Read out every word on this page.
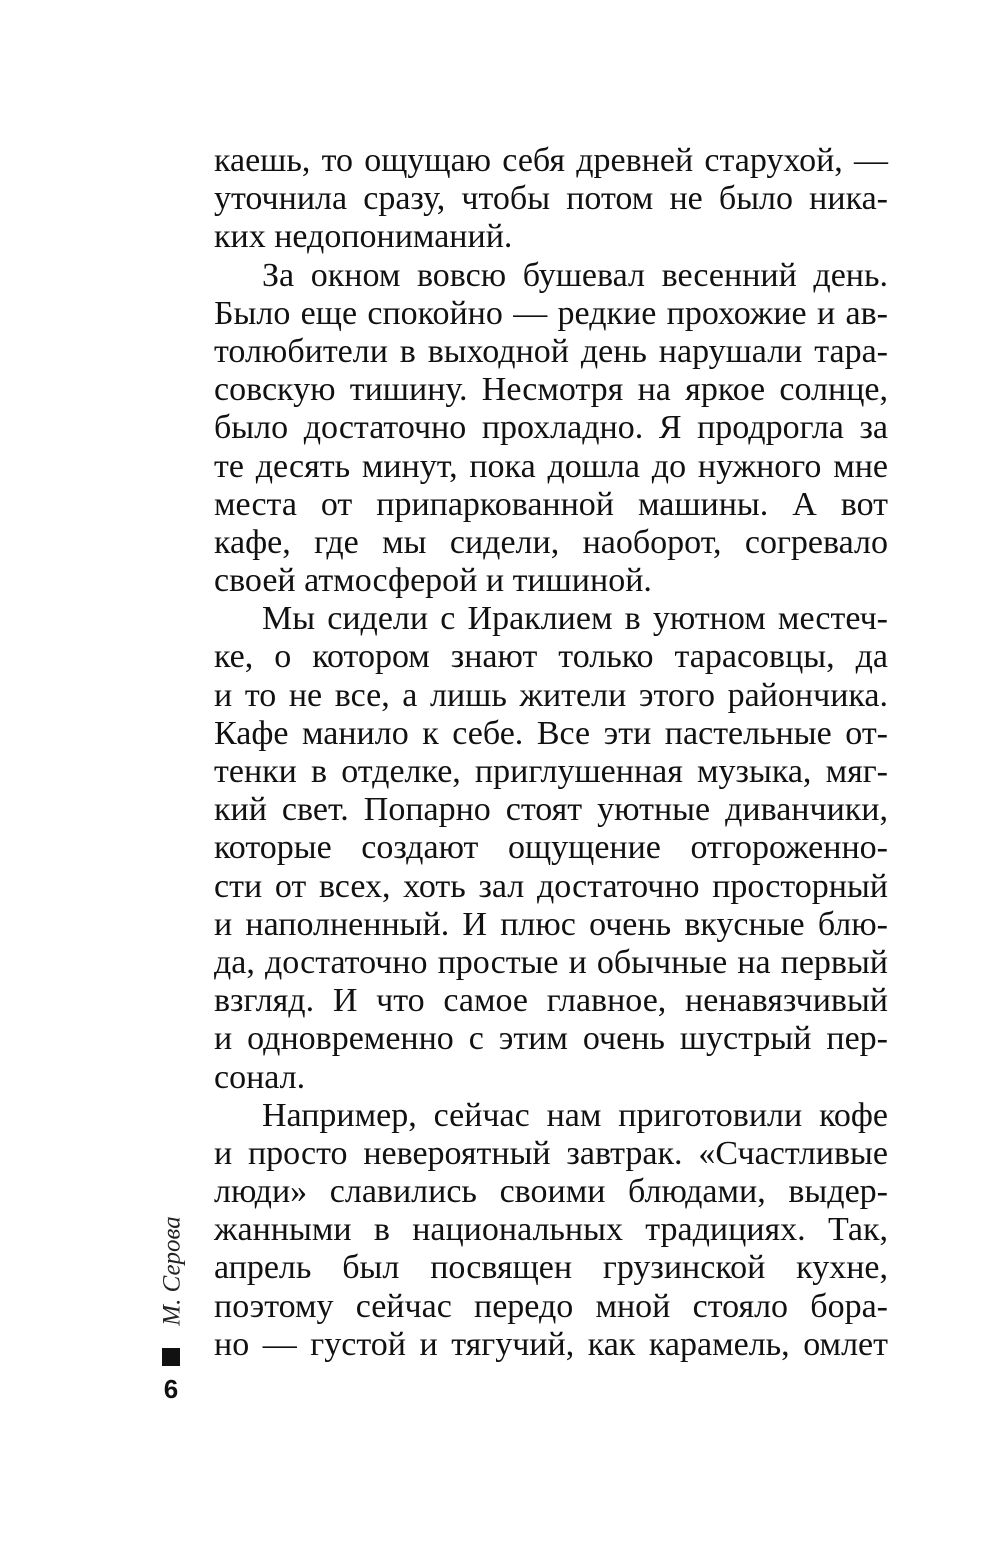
каешь, то ощущаю себя древней старухой, —
уточнила сразу, чтобы потом не было ника-
ких недопониманий.
За окном вовсю бушевал весенний день.
Было еще спокойно — редкие прохожие и ав-
толюбители в выходной день нарушали тара-
совскую тишину. Несмотря на яркое солнце,
было достаточно прохладно. Я продрогла за
те десять минут, пока дошла до нужного мне
места от припаркованной машины. А вот
кафе, где мы сидели, наоборот, согревало
своей атмосферой и тишиной.
Мы сидели с Ираклием в уютном местеч-
ке, о котором знают только тарасовцы, да
и то не все, а лишь жители этого райончика.
Кафе манило к себе. Все эти пастельные от-
тенки в отделке, приглушенная музыка, мяг-
кий свет. Попарно стоят уютные диванчики,
которые создают ощущение отгороженно-
сти от всех, хоть зал достаточно просторный
и наполненный. И плюс очень вкусные блю-
да, достаточно простые и обычные на первый
взгляд. И что самое главное, ненавязчивый
и одновременно с этим очень шустрый пер-
сонал.
Например, сейчас нам приготовили кофе
и просто невероятный завтрак. «Счастливые
люди» славились своими блюдами, выдер-
жанными в национальных традициях. Так,
апрель был посвящен грузинской кухне,
поэтому сейчас передо мной стояло бора-
но — густой и тягучий, как карамель, омлет
М. Серова
6
